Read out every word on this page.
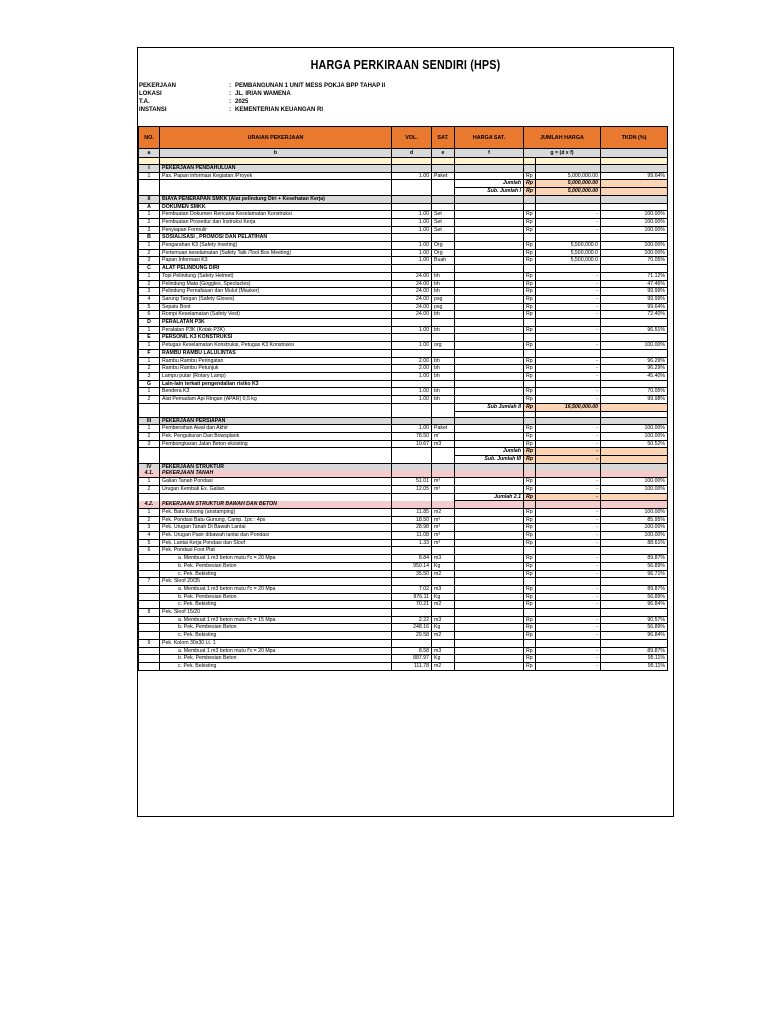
HARGA PERKIRAAN SENDIRI (HPS)
PEKERJAAN	: PEMBANGUNAN 1 UNIT MESS POKJA BPP TAHAP II
LOKASI	: JL. IRIAN WAMENA
T.A.	: 2025
INSTANSI	: KEMENTERIAN KEUANGAN RI
NO.	URAIAN PEKERJAAN	VOL.	SAT.	HARGA SAT.	JUMLAH HARGA		TKDN (%)
a	b	d	e	f	g = (d x f)		

I	PEKERJAAN PENDAHULUAN						
1	Pas. Papan informasi Kegiatan /Proyek	1.00	Paket		Rp	5,000,000.00	99.64%
				Jumlah	Rp	5,000,000.00	
				Sub. Jumlah I	Rp	5,000,000.00	
II	BIAYA PENERAPAN SMKK (Alat pelindung Diri + Kesehatan Kerja)						
A	DOKUMEN SMKK						
1	Pembuatan Dokumen Rencana Keselamatan Konstruksi	1.00	Set		Rp	-	100.00%
2	Pembuatan Prosedur dan Instruksi Kerja	1.00	Set		Rp	-	100.00%
3	Penyiapan Formulir	1.00	Set		Rp	-	100.00%
B	SOSIALISASI , PROMOSI DAN PELATIHAN						
1	Pengarahan K3 (Safety Inveting)	1.00	Org		Rp	5,500,000.0	100.00%
2	Pertemuan keselamatan (Safety Talk /Tool Box Meeting)	1.00	Org		Rp	5,500,000.0	100.00%
3	Papan Informasi K3	1.00	Buah		Rp	5,500,000.0	70.05%
C	ALAT PELINDUNG DIRI						
1	Topi Pelindung (Safety Helmet)	24.00	bh		Rp	-	71.12%
2	Pelindung Mata (Goggles, Spectacles)	24.00	bh		Rp	-	47.46%
3	Pelindung Pernafasan dan Mulut (Masker)	24.00	bh		Rp	-	99.99%
4	Sarung Tangan (Safety Gloves)	24.00	psg		Rp	-	99.99%
5	Sepatu Boot	24.00	psg		Rp	-	99.64%
6	Rompi Keselamatan (Safety Vest)	24.00	bh		Rp	-	72.40%
D	PERALATAN P3K						
1	Peralatan P3K (Kotak P3K)	1.00	bh		Rp	-	96.51%
E	PERSONIL K3 KONSTRUKSI						
1	Petugas Keselamatan Konstruksi, Petugas K3 Konstruksi	1.00	org		Rp	-	100.00%
F	RAMBU RAMBU LALULINTAS						
1	Rambu Rambu Peringatan	2.00	bh		Rp	-	96.29%
2	Rambu Rambu Petunjuk	2.00	bh		Rp	-	96.29%
3	Lampu putar (Rotary Lamp)	1.00	bh		Rp	-	45.40%
G	Lain-lain terkait pengendalian risiko K3						
1	Bendera K3	1.00	bh		Rp	-	70.05%
2	Alat Pemadam Api Ringan (APAR) 0,5 kg	1.00	bh		Rp	-	99.98%
				Sub Jumlah II	Rp	16,500,000.00	

III	PEKERJAAN PERSIAPAN						
1	Pembersihan Awal dan Akhir	1.00	Paket		Rp	-	100.00%
2	Pek. Pengukuran Dan Bowsplank	78.50	m'		Rp	-	100.00%
3	Pembongkaran Jalan Beton eksisting	10.67	m3		Rp	-	50.52%
				Jumlah	Rp	-	
				Sub. Jumlah III	Rp	-	
IV	PEKERJAAN STRUKTUR						
4.1.	PEKERJAAN TANAH						
1	Galian Tanah Pondasi	51.01	m³		Rp	-	100.00%
2	Urugan Kembali Ex. Galian	12.05	m³		Rp	-	100.00%
				Jumlah 2.1	Rp	-	
4.2.	PEKERJAAN STRUKTUR BAWAH DAN BETON						
1	Pek. Batu Kosong (anstamping)	11.85	m2		Rp	-	100.00%
2	Pek. Pondasi Batu Gunung, Camp. 1pc : 4ps	18.50	m³		Rp	-	85.95%
3	Pek. Urugan Tanah Di Bawah Lantai	28.98	m³		Rp	-	100.00%
4	Pek. Urugan Pasir dibawah lantai dan Pondasi	11.08	m³		Rp	-	100.00%
5	Pek. Lantai Kerja Pondasi dan Sloof	1.33	m³		Rp	-	88.61%
6	Pek. Pondasi Foot Plat						
	a. Membuat 1 m3 beton mutu f'c = 20 Mpa	8.84	m3		Rp	-	89.87%
	b. Pek. Pembesian Beton	950.14	Kg		Rp	-	56.89%
	c. Pek. Bekisting	35.50	m2		Rp	-	96.71%
7	Pek. Sloof 20/35						
	a. Membuat 1 m3 beton mutu f'c = 20 Mpa	7.02	m3		Rp	-	89.87%
	b. Pek. Pembesian Beton	876.11	Kg		Rp	-	56.89%
	c. Pek. Bekisting	70.21	m2		Rp	-	96.84%
8	Pek. Sloof 15/20						
	a. Membuat 1 m3 beton mutu f'c = 15 Mpa	2.22	m3		Rp	-	90.57%
	b. Pek. Pembesian Beton	248.16	Kg		Rp	-	56.89%
	c. Pek. Bekisting	29.58	m2		Rp	-	96.84%
9	Pek. Kolom 30x30 Lt. 1						
	a. Membuat 1 m3 beton mutu f'c = 20 Mpa	8.58	m3		Rp	-	89.87%
	b. Pek. Pembesian Beton	887.97	Kg		Rp	-	95.11%
	c. Pek. Bekisting	111.78	m2		Rp	-	95.11%
